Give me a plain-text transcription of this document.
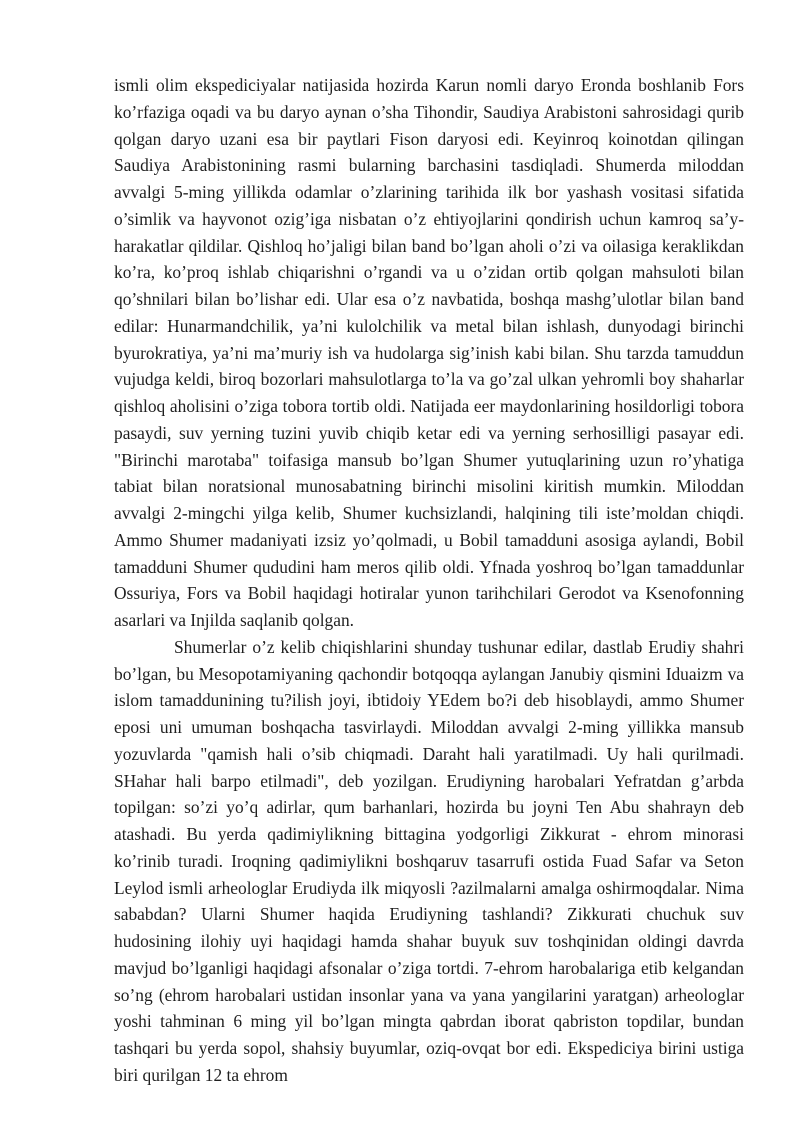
ismli olim ekspediciyalar natijasida hozirda Karun nomli daryo Eronda boshlanib Fors ko’rfaziga oqadi va bu daryo aynan o’sha Tihondir, Saudiya Arabistoni sahrosidagi qurib qolgan daryo uzani esa bir paytlari Fison daryosi edi. Keyinroq koinotdan qilingan Saudiya Arabistonining rasmi bularning barchasini tasdiqladi. Shumerda miloddan avvalgi 5-ming yillikda odamlar o’zlarining tarihida ilk bor yashash vositasi sifatida o’simlik va hayvonot ozig’iga nisbatan o’z ehtiyojlarini qondirish uchun kamroq sa’y-harakatlar qildilar. Qishloq ho’jaligi bilan band bo’lgan aholi o’zi va oilasiga keraklikdan ko’ra, ko’proq ishlab chiqarishni o’rgandi va u o’zidan ortib qolgan mahsuloti bilan qo’shnilari bilan bo’lishar edi. Ular esa o’z navbatida, boshqa mashg’ulotlar bilan band edilar: Hunarmandchilik, ya’ni kulolchilik va metal bilan ishlash, dunyodagi birinchi byurokratiya, ya’ni ma’muriy ish va hudolarga sig’inish kabi bilan. Shu tarzda tamuddun vujudga keldi, biroq bozorlari mahsulotlarga to’la va go’zal ulkan yehromli boy shaharlar qishloq aholisini o’ziga tobora tortib oldi. Natijada eer maydonlarining hosildorligi tobora pasaydi, suv yerning tuzini yuvib chiqib ketar edi va yerning serhosilligi pasayar edi. "Birinchi marotaba" toifasiga mansub bo’lgan Shumer yutuqlarining uzun ro’yhatiga tabiat bilan noratsional munosabatning birinchi misolini kiritish mumkin. Miloddan avvalgi 2-mingchi yilga kelib, Shumer kuchsizlandi, halqining tili iste’moldan chiqdi. Ammo Shumer madaniyati izsiz yo’qolmadi, u Bobil tamadduni asosiga aylandi, Bobil tamadduni Shumer qududini ham meros qilib oldi. Yfnada yoshroq bo’lgan tamaddunlar Ossuriya, Fors va Bobil haqidagi hotiralar yunon tarihchilari Gerodot va Ksenofonning asarlari va Injilda saqlanib qolgan.

Shumerlar o’z kelib chiqishlarini shunday tushunar edilar, dastlab Erudiy shahri bo’lgan, bu Mesopotamiyaning qachondir botqoqqa aylangan Janubiy qismini Iduaizm va islom tamaddunining tu?ilish joyi, ibtidoiy YEdem bo?i deb hisoblaydi, ammo Shumer eposi uni umuman boshqacha tasvirlaydi. Miloddan avvalgi 2-ming yillikka mansub yozuvlarda "qamish hali o’sib chiqmadi. Daraht hali yaratilmadi. Uy hali qurilmadi. SHahar hali barpo etilmadi", deb yozilgan. Erudiyning harobalari Yefratdan g’arbda topilgan: so’zi yo’q adirlar, qum barhanlari, hozirda bu joyni Ten Abu shahrayn deb atashadi. Bu yerda qadimiylikning bittagina yodgorligi Zikkurat - ehrom minorasi ko’rinib turadi. Iroqning qadimiylikni boshqaruv tasarrufi ostida Fuad Safar va Seton Leylod ismli arheologlar Erudiyda ilk miqyosli ?azilmalarni amalga oshirmoqdalar. Nima sababdan? Ularni Shumer haqida Erudiyning tashlandi? Zikkurati chuchuk suv hudosining ilohiy uyi haqidagi hamda shahar buyuk suv toshqinidan oldingi davrda mavjud bo’lganligi haqidagi afsonalar o’ziga tortdi. 7-ehrom harobalariga etib kelgandan so’ng (ehrom harobalari ustidan insonlar yana va yana yangilarini yaratgan) arheologlar yoshi tahminan 6 ming yil bo’lgan mingta qabrdan iborat qabriston topdilar, bundan tashqari bu yerda sopol, shahsiy buyumlar, oziq-ovqat bor edi. Ekspediciya birini ustiga biri qurilgan 12 ta ehrom
